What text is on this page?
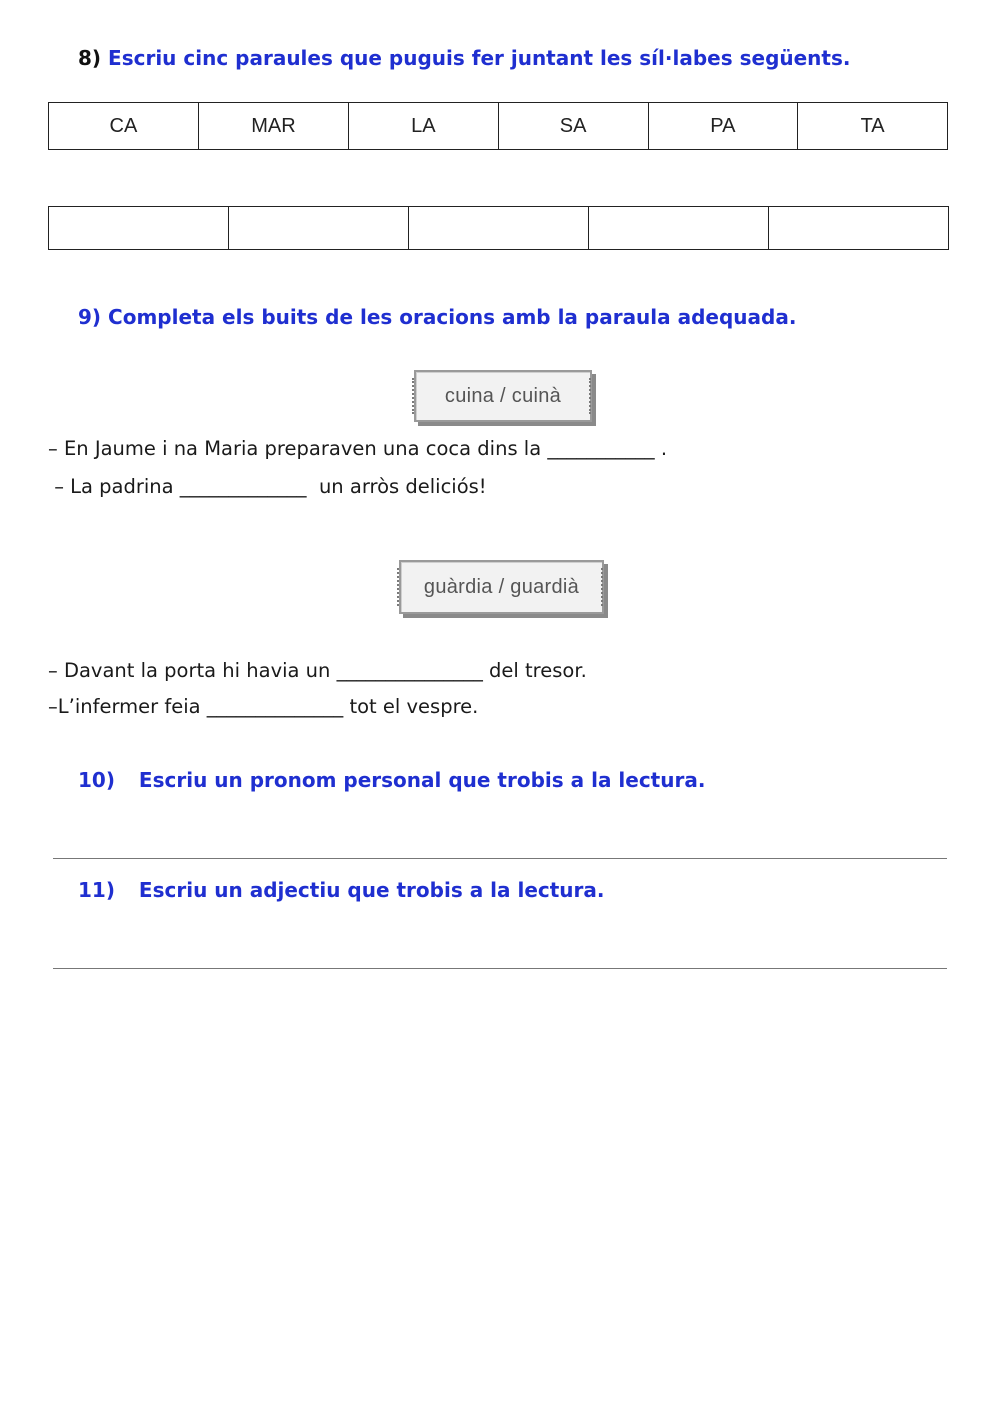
8) Escriu cinc paraules que puguis fer juntant les síl·labes següents.
CA	MAR	LA	SA	PA	TA

9) Completa els buits de les oracions amb la paraula adequada.
cuina / cuinà
– En Jaume i na Maria preparaven una coca dins la ___________ .
– La padrina _____________  un arròs deliciós!
guàrdia / guardià
– Davant la porta hi havia un _______________ del tresor.
–L’infermer feia ______________ tot el vespre.
10) Escriu un pronom personal que trobis a la lectura.
11) Escriu un adjectiu que trobis a la lectura.
